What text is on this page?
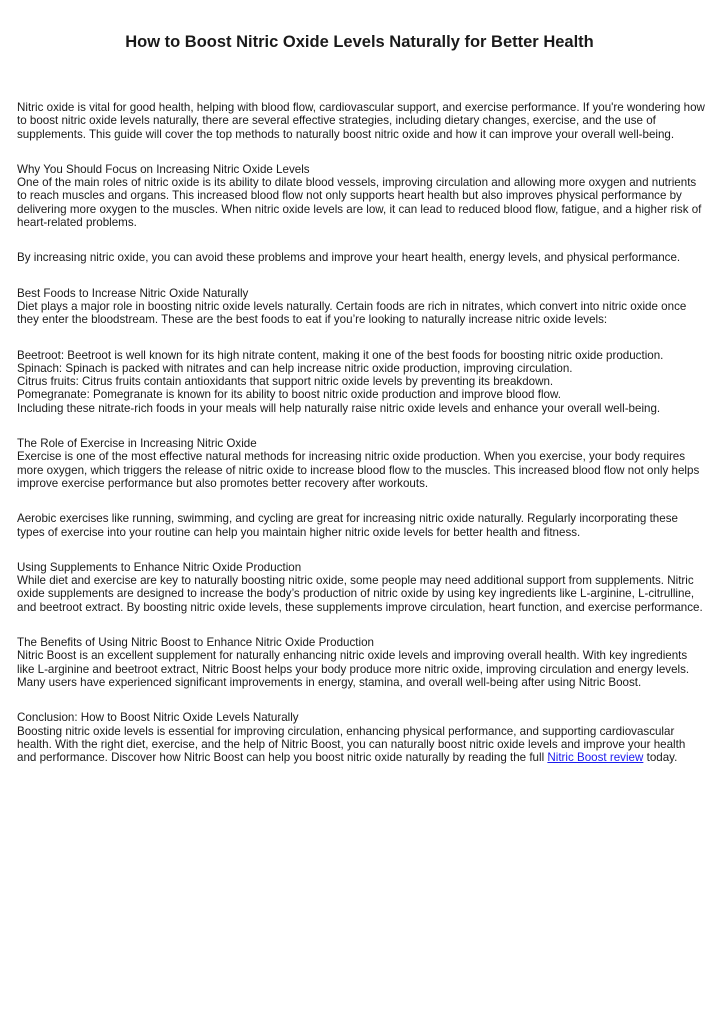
How to Boost Nitric Oxide Levels Naturally for Better Health

Nitric oxide is vital for good health, helping with blood flow, cardiovascular support, and exercise performance. If you're wondering how to boost nitric oxide levels naturally, there are several effective strategies, including dietary changes, exercise, and the use of supplements. This guide will cover the top methods to naturally boost nitric oxide and how it can improve your overall well-being.

Why You Should Focus on Increasing Nitric Oxide Levels
One of the main roles of nitric oxide is its ability to dilate blood vessels, improving circulation and allowing more oxygen and nutrients to reach muscles and organs. This increased blood flow not only supports heart health but also improves physical performance by delivering more oxygen to the muscles. When nitric oxide levels are low, it can lead to reduced blood flow, fatigue, and a higher risk of heart-related problems.

By increasing nitric oxide, you can avoid these problems and improve your heart health, energy levels, and physical performance.

Best Foods to Increase Nitric Oxide Naturally
Diet plays a major role in boosting nitric oxide levels naturally. Certain foods are rich in nitrates, which convert into nitric oxide once they enter the bloodstream. These are the best foods to eat if you’re looking to naturally increase nitric oxide levels:

Beetroot: Beetroot is well known for its high nitrate content, making it one of the best foods for boosting nitric oxide production.
Spinach: Spinach is packed with nitrates and can help increase nitric oxide production, improving circulation.
Citrus fruits: Citrus fruits contain antioxidants that support nitric oxide levels by preventing its breakdown.
Pomegranate: Pomegranate is known for its ability to boost nitric oxide production and improve blood flow.
Including these nitrate-rich foods in your meals will help naturally raise nitric oxide levels and enhance your overall well-being.

The Role of Exercise in Increasing Nitric Oxide
Exercise is one of the most effective natural methods for increasing nitric oxide production. When you exercise, your body requires more oxygen, which triggers the release of nitric oxide to increase blood flow to the muscles. This increased blood flow not only helps improve exercise performance but also promotes better recovery after workouts.

Aerobic exercises like running, swimming, and cycling are great for increasing nitric oxide naturally. Regularly incorporating these types of exercise into your routine can help you maintain higher nitric oxide levels for better health and fitness.

Using Supplements to Enhance Nitric Oxide Production
While diet and exercise are key to naturally boosting nitric oxide, some people may need additional support from supplements. Nitric oxide supplements are designed to increase the body’s production of nitric oxide by using key ingredients like L-arginine, L-citrulline, and beetroot extract. By boosting nitric oxide levels, these supplements improve circulation, heart function, and exercise performance.

The Benefits of Using Nitric Boost to Enhance Nitric Oxide Production
Nitric Boost is an excellent supplement for naturally enhancing nitric oxide levels and improving overall health. With key ingredients like L-arginine and beetroot extract, Nitric Boost helps your body produce more nitric oxide, improving circulation and energy levels. Many users have experienced significant improvements in energy, stamina, and overall well-being after using Nitric Boost.

Conclusion: How to Boost Nitric Oxide Levels Naturally
Boosting nitric oxide levels is essential for improving circulation, enhancing physical performance, and supporting cardiovascular health. With the right diet, exercise, and the help of Nitric Boost, you can naturally boost nitric oxide levels and improve your health and performance. Discover how Nitric Boost can help you boost nitric oxide naturally by reading the full Nitric Boost review today.
